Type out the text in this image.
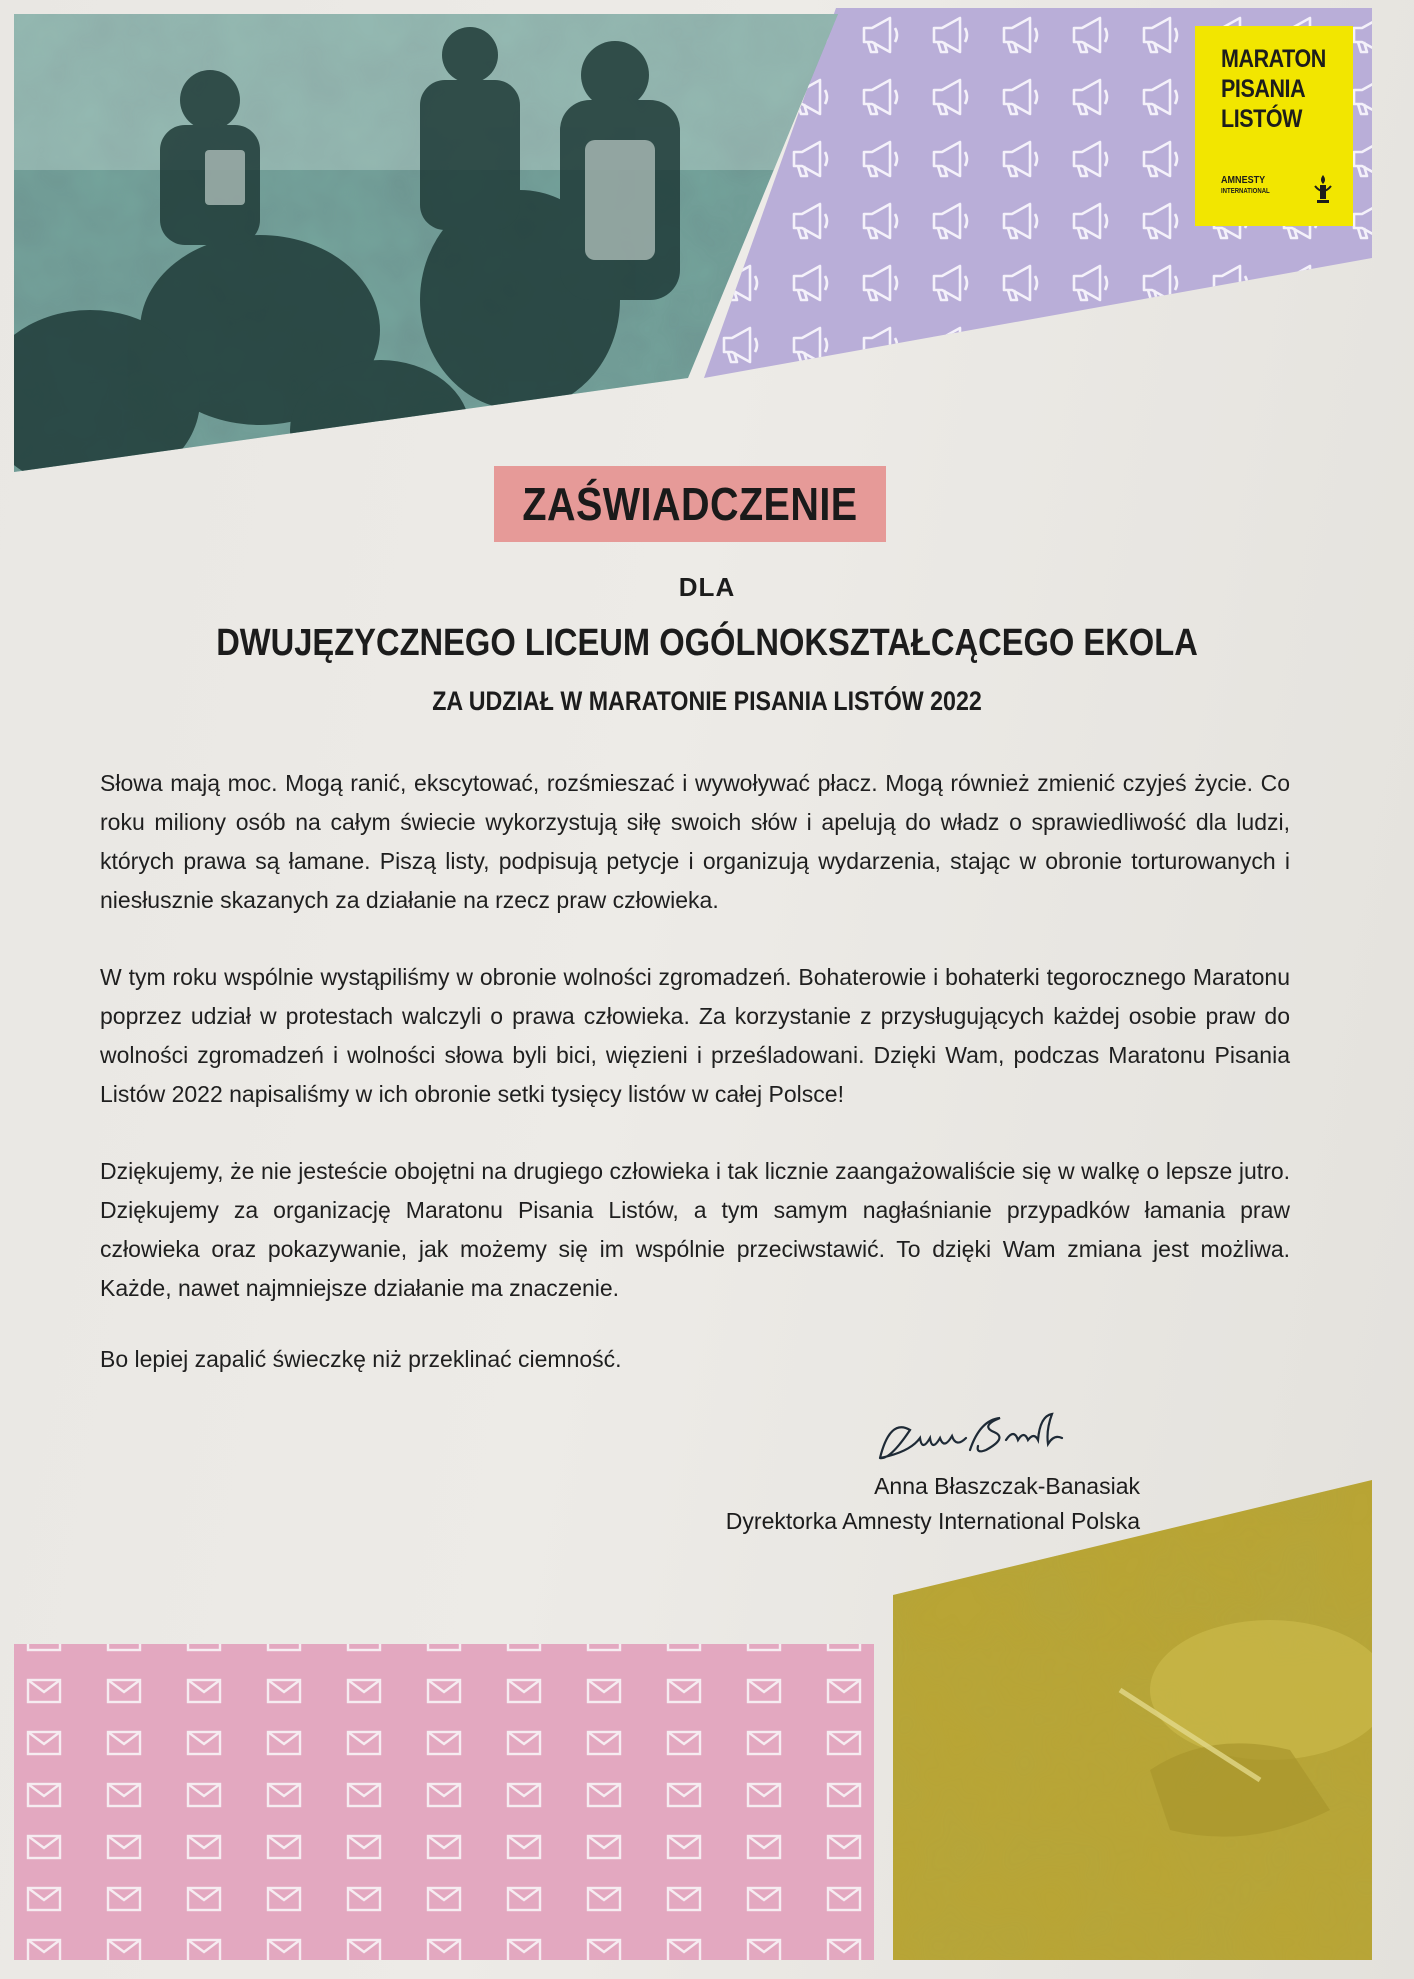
MARATON
PISANIA
LISTÓW
AMNESTY
INTERNATIONAL
ZAŚWIADCZENIE
DLA
DWUJĘZYCZNEGO LICEUM OGÓLNOKSZTAŁCĄCEGO EKOLA
ZA UDZIAŁ W MARATONIE PISANIA LISTÓW 2022

Słowa mają moc. Mogą ranić, ekscytować, rozśmieszać i wywoływać płacz. Mogą również zmienić czyjeś życie. Co roku miliony osób na całym świecie wykorzystują siłę swoich słów i apelują do władz o sprawiedliwość dla ludzi, których prawa są łamane. Piszą listy, podpisują petycje i organizują wydarzenia, stając w obronie torturowanych i niesłusznie skazanych za działanie na rzecz praw człowieka.

W tym roku wspólnie wystąpiliśmy w obronie wolności zgromadzeń. Bohaterowie i bohaterki tegorocznego Maratonu poprzez udział w protestach walczyli o prawa człowieka. Za korzystanie z przysługujących każdej osobie praw do wolności zgromadzeń i wolności słowa byli bici, więzieni i prześladowani. Dzięki Wam, podczas Maratonu Pisania Listów 2022 napisaliśmy w ich obronie setki tysięcy listów w całej Polsce!

Dziękujemy, że nie jesteście obojętni na drugiego człowieka i tak licznie zaangażowaliście się w walkę o lepsze jutro. Dziękujemy za organizację Maratonu Pisania Listów, a tym samym nagłaśnianie przypadków łamania praw człowieka oraz pokazywanie, jak możemy się im wspólnie przeciwstawić. To dzięki Wam zmiana jest możliwa. Każde, nawet najmniejsze działanie ma znaczenie.

Bo lepiej zapalić świeczkę niż przeklinać ciemność.

Anna Błaszczak-Banasiak
Dyrektorka Amnesty International Polska
